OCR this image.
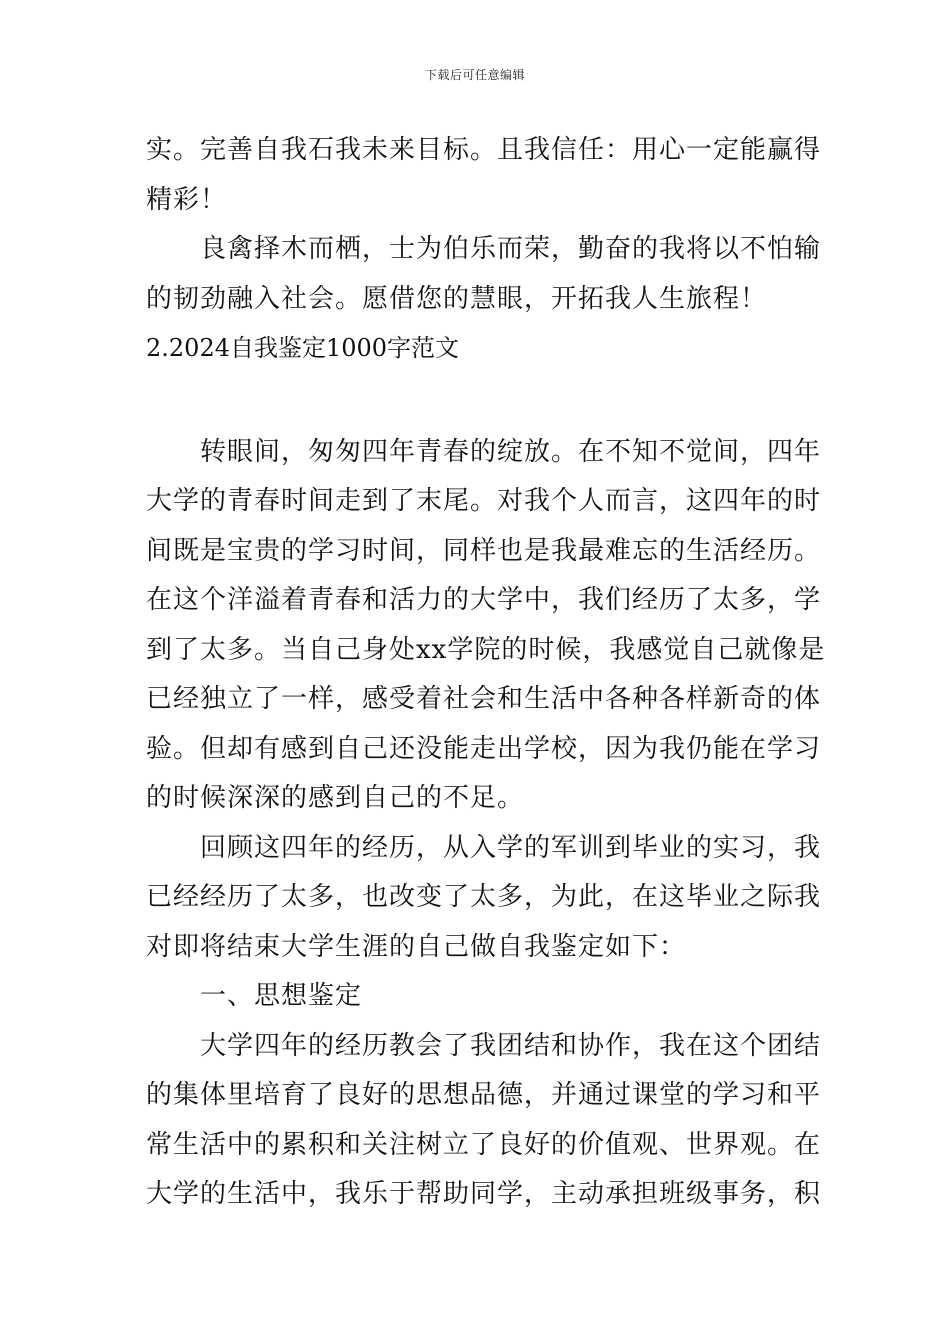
下载后可任意编辑
实。完善自我石我未来目标。且我信任：用心一定能赢得
精彩！
良禽择木而栖，士为伯乐而荣，勤奋的我将以不怕输
的韧劲融入社会。愿借您的慧眼，开拓我人生旅程！
2.2024自我鉴定1000字范文
转眼间，匆匆四年青春的绽放。在不知不觉间，四年
大学的青春时间走到了末尾。对我个人而言，这四年的时
间既是宝贵的学习时间，同样也是我最难忘的生活经历。
在这个洋溢着青春和活力的大学中，我们经历了太多，学
到了太多。当自己身处xx学院的时候，我感觉自己就像是
已经独立了一样，感受着社会和生活中各种各样新奇的体
验。但却有感到自己还没能走出学校，因为我仍能在学习
的时候深深的感到自己的不足。
回顾这四年的经历，从入学的军训到毕业的实习，我
已经经历了太多，也改变了太多，为此，在这毕业之际我
对即将结束大学生涯的自己做自我鉴定如下：
一、思想鉴定
大学四年的经历教会了我团结和协作，我在这个团结
的集体里培育了良好的思想品德，并通过课堂的学习和平
常生活中的累积和关注树立了良好的价值观、世界观。在
大学的生活中，我乐于帮助同学，主动承担班级事务，积
